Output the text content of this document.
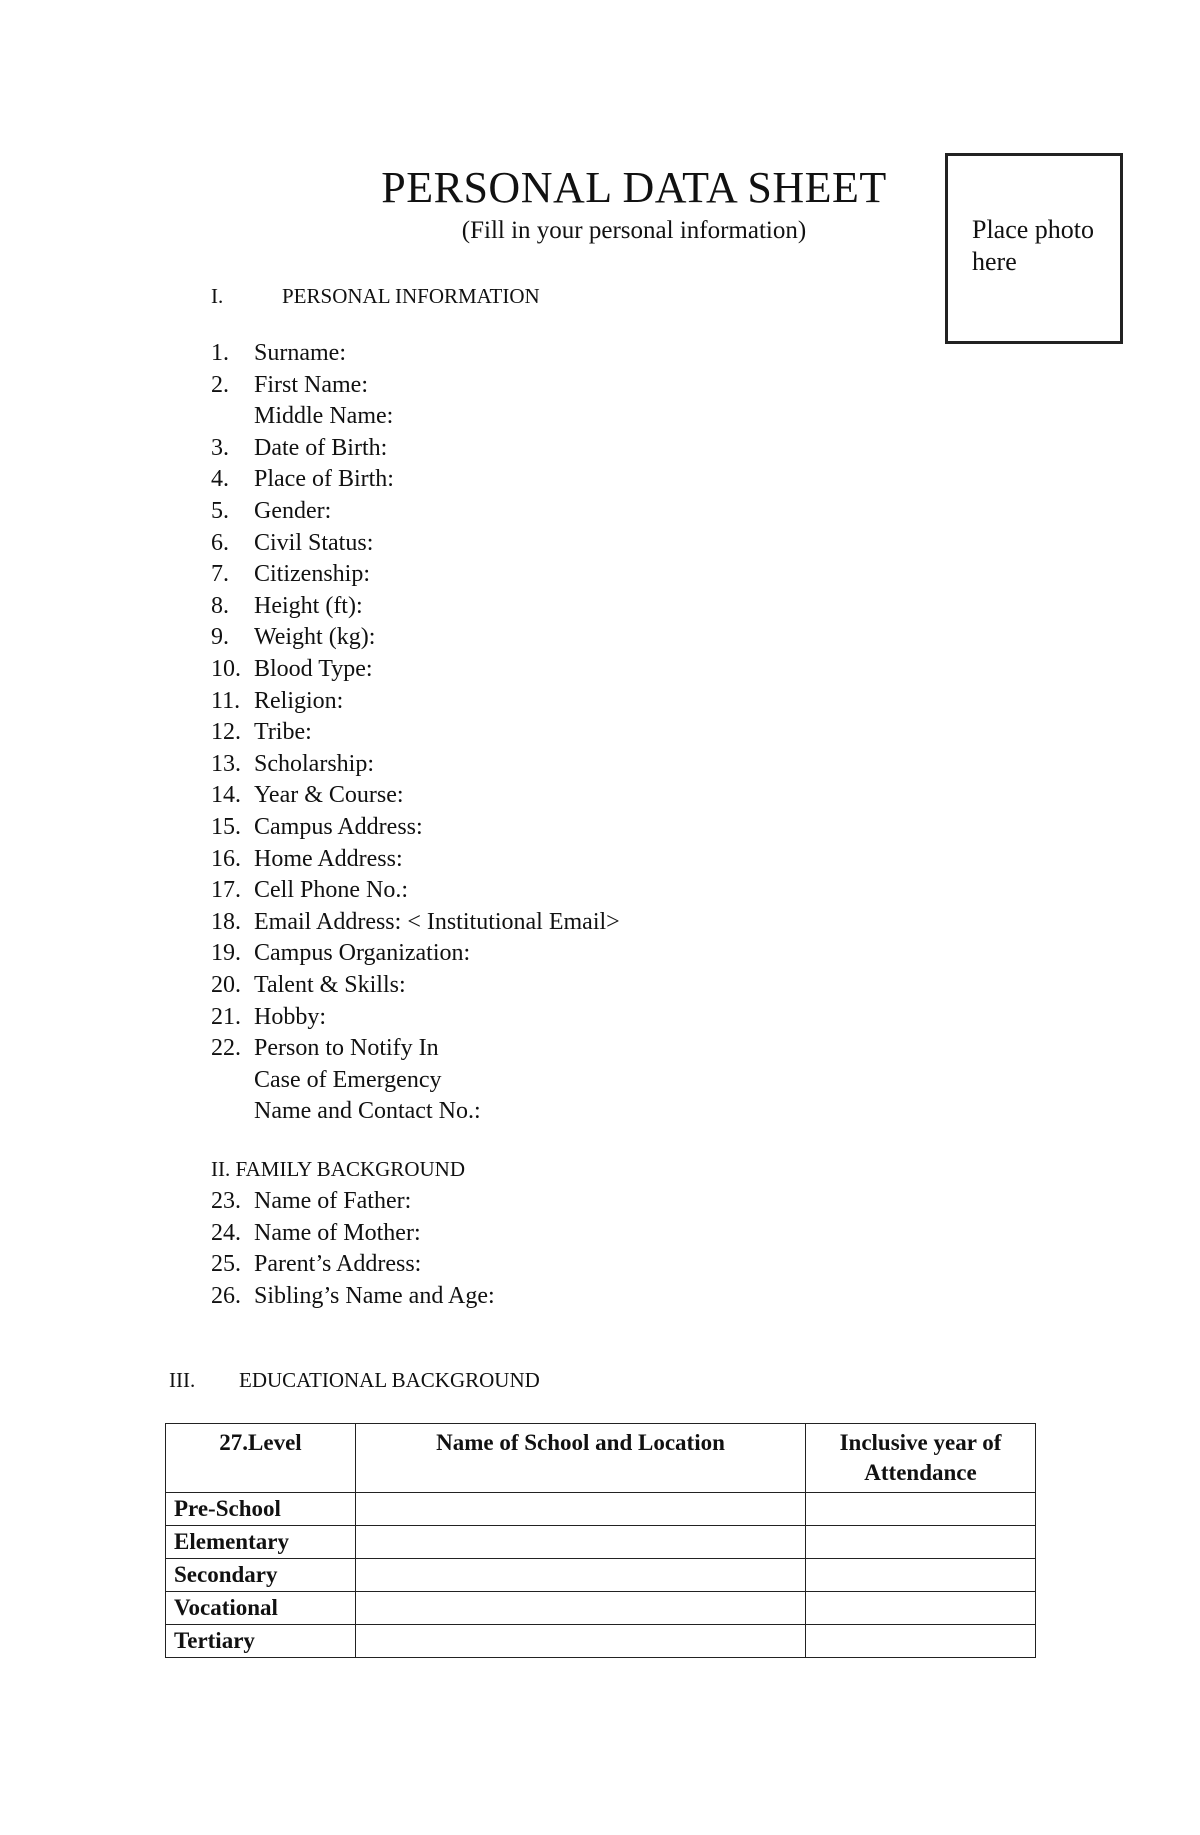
PERSONAL DATA SHEET
(Fill in your personal information)	Place photo here
I.	PERSONAL INFORMATION
1. Surname:
2. First Name:
Middle Name:
3. Date of Birth:
4. Place of Birth:
5. Gender:
6. Civil Status:
7. Citizenship:
8. Height (ft):
9. Weight (kg):
10. Blood Type:
11. Religion:
12. Tribe:
13. Scholarship:
14. Year & Course:
15. Campus Address:
16. Home Address:
17. Cell Phone No.:
18. Email Address: < Institutional Email>
19. Campus Organization:
20. Talent & Skills:
21. Hobby:
22. Person to Notify In
Case of Emergency
Name and Contact No.:
II. FAMILY BACKGROUND
23. Name of Father:
24. Name of Mother:
25. Parent’s Address:
26. Sibling’s Name and Age:
III. EDUCATIONAL BACKGROUND
27.Level	Name of School and Location	Inclusive year of Attendance
Pre-School		
Elementary		
Secondary		
Vocational		
Tertiary		
